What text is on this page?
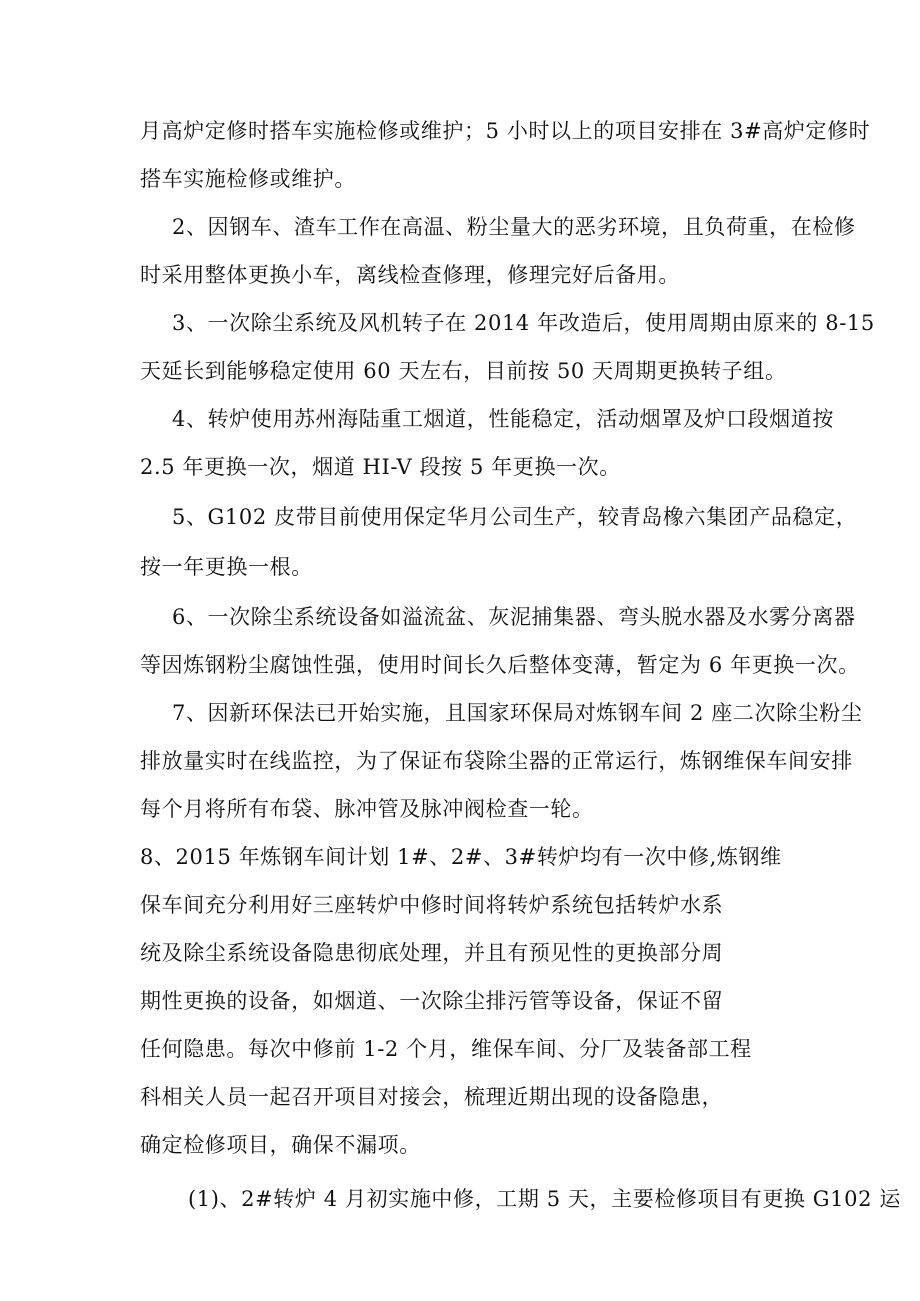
月高炉定修时搭车实施检修或维护；5 小时以上的项目安排在 3#高炉定修时
搭车实施检修或维护。
2、因钢车、渣车工作在高温、粉尘量大的恶劣环境，且负荷重，在检修
时采用整体更换小车，离线检查修理，修理完好后备用。
3、一次除尘系统及风机转子在 2014 年改造后，使用周期由原来的 8-15
天延长到能够稳定使用 60 天左右，目前按 50 天周期更换转子组。
4、转炉使用苏州海陆重工烟道，性能稳定，活动烟罩及炉口段烟道按
2.5 年更换一次，烟道 HI-V 段按 5 年更换一次。
5、G102 皮带目前使用保定华月公司生产，较青岛橡六集团产品稳定，
按一年更换一根。
6、一次除尘系统设备如溢流盆、灰泥捕集器、弯头脱水器及水雾分离器
等因炼钢粉尘腐蚀性强，使用时间长久后整体变薄，暂定为 6 年更换一次。
7、因新环保法已开始实施，且国家环保局对炼钢车间 2 座二次除尘粉尘
排放量实时在线监控，为了保证布袋除尘器的正常运行，炼钢维保车间安排
每个月将所有布袋、脉冲管及脉冲阀检查一轮。
8、2015 年炼钢车间计划 1#、2#、3#转炉均有一次中修,炼钢维
保车间充分利用好三座转炉中修时间将转炉系统包括转炉水系
统及除尘系统设备隐患彻底处理，并且有预见性的更换部分周
期性更换的设备，如烟道、一次除尘排污管等设备，保证不留
任何隐患。每次中修前 1-2 个月，维保车间、分厂及装备部工程
科相关人员一起召开项目对接会，梳理近期出现的设备隐患，
确定检修项目，确保不漏项。
(1)、2#转炉 4 月初实施中修，工期 5 天，主要检修项目有更换 G102 运
